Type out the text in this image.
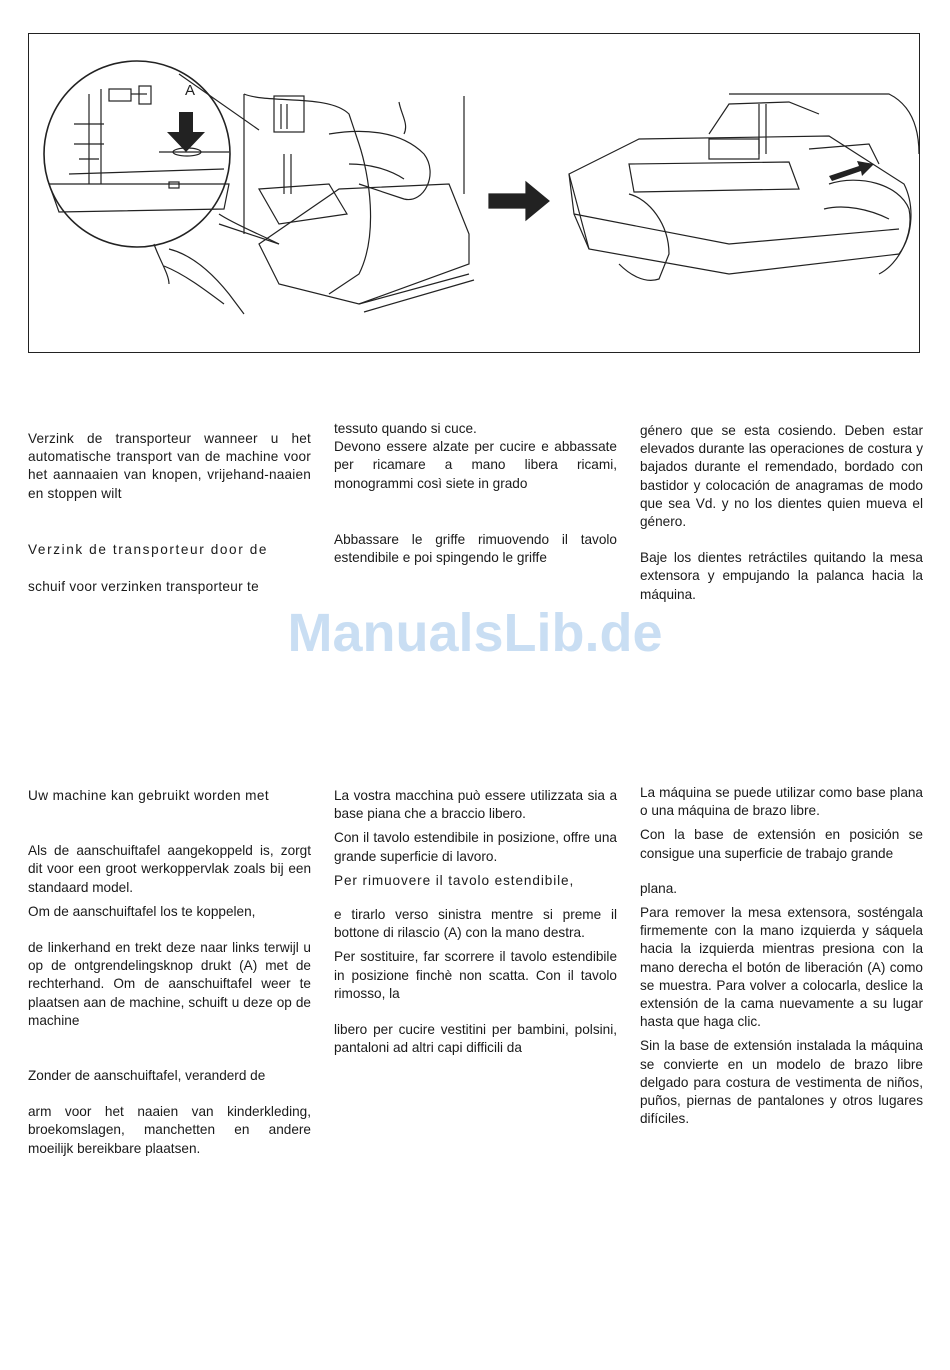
A

Verzink de transporteur wanneer u het automatische transport van de machine voor het aannaaien van knopen, vrijehand-naaien en stoppen wilt

Verzink de transporteur door de

schuif voor verzinken transporteur te

tessuto quando si cuce.

Devono essere alzate per cucire e abbassate per ricamare a mano libera ricami, monogrammi così siete in grado

Abbassare le griffe rimuovendo il tavolo estendibile e poi spingendo le griffe

género que se esta cosiendo. Deben estar elevados durante las operaciones de costura y bajados durante el remendado, bordado con bastidor y colocación de anagramas de modo que sea Vd. y no los dientes quien mueva el género.

Baje los dientes retráctiles quitando la mesa extensora y empujando la palanca hacia la máquina.

ManualsLib.de

Uw machine kan gebruikt worden met

Als de aanschuiftafel aangekoppeld is, zorgt dit voor een groot werkoppervlak zoals bij een standaard model.

Om de aanschuiftafel los te koppelen,

de linkerhand en trekt deze naar links terwijl u op de ontgrendelingsknop drukt (A) met de rechterhand. Om de aanschuiftafel weer te plaatsen aan de machine, schuift u deze op de machine

Zonder de aanschuiftafel, veranderd de

arm voor het naaien van kinderkleding, broekomslagen, manchetten en andere moeilijk bereikbare plaatsen.

La vostra macchina può essere utilizzata sia a base piana che a braccio libero.

Con il tavolo estendibile in posizione, offre una grande superficie di lavoro.

Per rimuovere il tavolo estendibile,

e tirarlo verso sinistra mentre si preme il bottone di rilascio (A) con la mano destra.

Per sostituire, far scorrere il tavolo estendibile in posizione finchè non scatta. Con il tavolo rimosso, la

libero per cucire vestitini per bambini, polsini, pantaloni ad altri capi difficili da

La máquina se puede utilizar como base plana o una máquina de brazo libre.

Con la base de extensión en posición se consigue una superficie de trabajo grande

plana.

Para remover la mesa extensora, sosténgala firmemente con la mano izquierda y sáquela hacia la izquierda mientras presiona con la mano derecha el botón de liberación (A) como se muestra. Para volver a colocarla, deslice la extensión de la cama nuevamente a su lugar hasta que haga clic.

Sin la base de extensión instalada la máquina se convierte en un modelo de brazo libre delgado para costura de vestimenta de niños, puños, piernas de pantalones y otros lugares difíciles.
